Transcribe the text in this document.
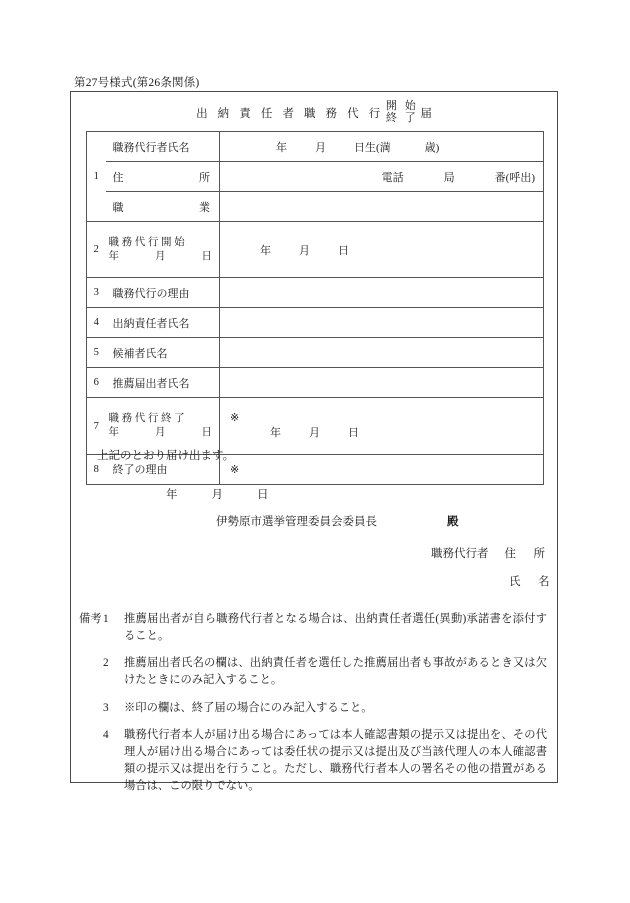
第27号様式(第26条関係)
出 納 責 任 者 職 務 代 行
開 始
終 了 届
1	職務代行者氏名	年 月 日生(満 歳)

	住 所	電話 局 番(呼出)

	職 業	

2	職 務 代 行 開 始
年 月 日	年 月 日

3	職務代行の理由	
4	出納責任者氏名	

5	候補者氏名	

6	推薦届出者氏名	

7	職 務 代 行 終 了
年 月 日	※
年 月 日

8	終了の理由	※
上記のとおり届け出ます。
年	月	日
伊勢原市選挙管理委員会委員長	殿
職務代行者 住　所
氏　名
備考 1 推薦届出者が自ら職務代行者となる場合は、出納責任者選任(異動)承諾書を添付すること。
2 推薦届出者氏名の欄は、出納責任者を選任した推薦届出者も事故があるとき又は欠けたときにのみ記入すること。
3 ※印の欄は、終了届の場合にのみ記入すること。
4 職務代行者本人が届け出る場合にあっては本人確認書類の提示又は提出を、その代理人が届け出る場合にあっては委任状の提示又は提出及び当該代理人の本人確認書類の提示又は提出を行うこと。ただし、職務代行者本人の署名その他の措置がある場合は、この限りでない。
